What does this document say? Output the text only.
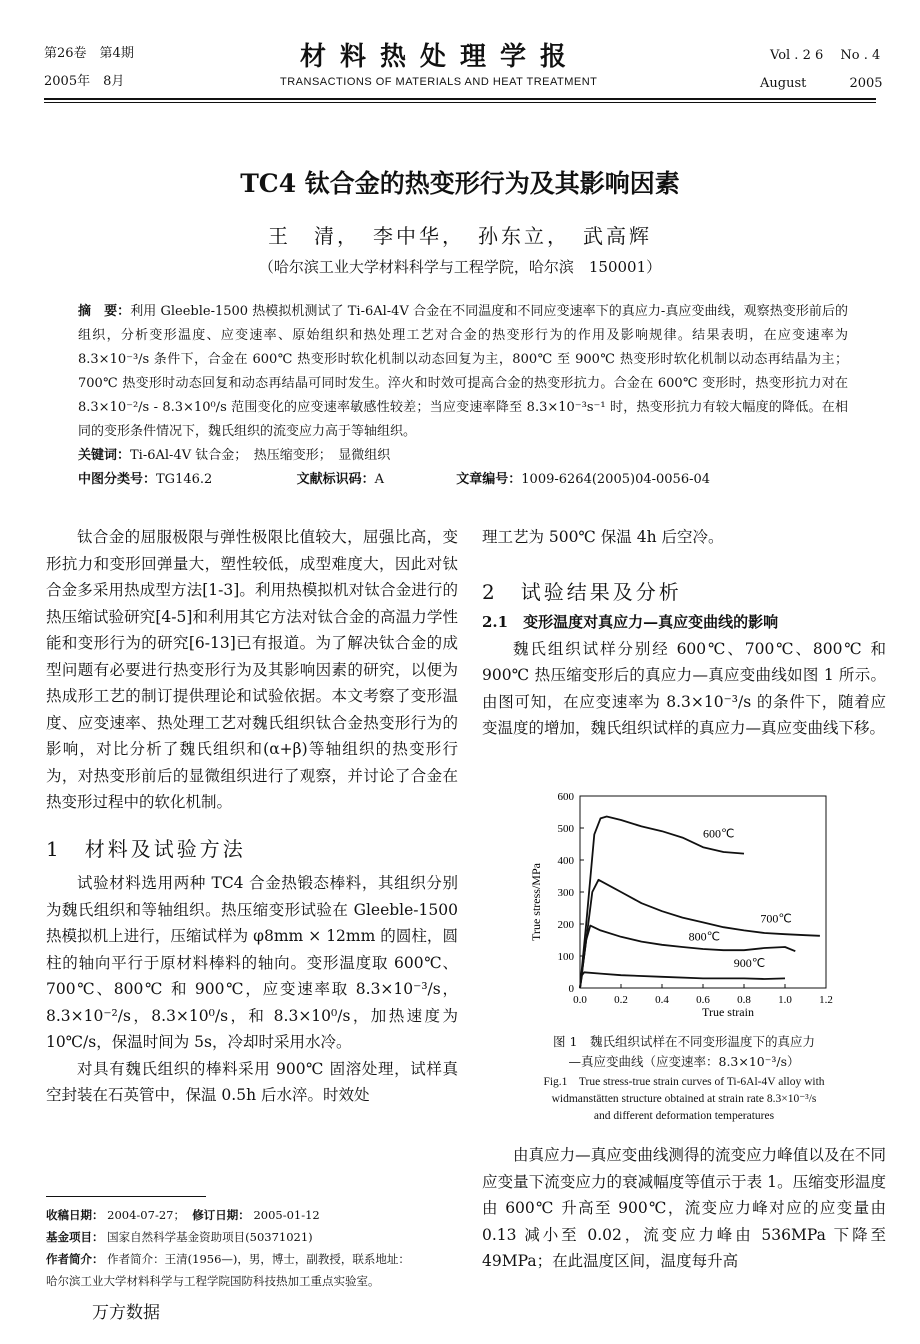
第26卷　第4期
2005年　8月
材料热处理学报
TRANSACTIONS OF MATERIALS AND HEAT TREATMENT
Vol . 2 6　 No . 4
August　　　 2005
TC4 钛合金的热变形行为及其影响因素
王　清，　李中华，　孙东立，　武高辉
（哈尔滨工业大学材料科学与工程学院，哈尔滨　150001）
摘　要：利用 Gleeble-1500 热模拟机测试了 Ti-6Al-4V 合金在不同温度和不同应变速率下的真应力-真应变曲线，观察热变形前后的组织，分析变形温度、应变速率、原始组织和热处理工艺对合金的热变形行为的作用及影响规律。结果表明，在应变速率为 8.3×10⁻³/s 条件下，合金在 600℃ 热变形时软化机制以动态回复为主，800℃ 至 900℃ 热变形时软化机制以动态再结晶为主；700℃ 热变形时动态回复和动态再结晶可同时发生。淬火和时效可提高合金的热变形抗力。合金在 600℃ 变形时，热变形抗力对在 8.3×10⁻²/s - 8.3×10⁰/s 范围变化的应变速率敏感性较差；当应变速率降至 8.3×10⁻³s⁻¹ 时，热变形抗力有较大幅度的降低。在相同的变形条件情况下，魏氏组织的流变应力高于等轴组织。
关键词：Ti-6Al-4V 钛合金；　热压缩变形；　显微组织
中图分类号：TG146.2	文献标识码：A	文章编号：1009-6264(2005)04-0056-04

钛合金的屈服极限与弹性极限比值较大，屈强比高，变形抗力和变形回弹量大，塑性较低，成型难度大，因此对钛合金多采用热成型方法[1-3]。利用热模拟机对钛合金进行的热压缩试验研究[4-5]和利用其它方法对钛合金的高温力学性能和变形行为的研究[6-13]已有报道。为了解决钛合金的成型问题有必要进行热变形行为及其影响因素的研究，以便为热成形工艺的制订提供理论和试验依据。本文考察了变形温度、应变速率、热处理工艺对魏氏组织钛合金热变形行为的影响，对比分析了魏氏组织和(α+β)等轴组织的热变形行为，对热变形前后的显微组织进行了观察，并讨论了合金在热变形过程中的软化机制。

1　材料及试验方法

试验材料选用两种 TC4 合金热锻态棒料，其组织分别为魏氏组织和等轴组织。热压缩变形试验在 Gleeble-1500 热模拟机上进行，压缩试样为 φ8mm × 12mm 的圆柱，圆柱的轴向平行于原材料棒料的轴向。变形温度取 600℃、700℃、800℃ 和 900℃，应变速率取 8.3×10⁻³/s，8.3×10⁻²/s，8.3×10⁰/s，和 8.3×10⁰/s，加热速度为 10℃/s，保温时间为 5s，冷却时采用水冷。

对具有魏氏组织的棒料采用 900℃ 固溶处理，试样真空封装在石英管中，保温 0.5h 后水淬。时效处

理工艺为 500℃ 保温 4h 后空冷。
2　试验结果及分析
2.1　变形温度对真应力—真应变曲线的影响

魏氏组织试样分别经 600℃、700℃、800℃ 和 900℃ 热压缩变形后的真应力—真应变曲线如图 1 所示。由图可知，在应变速率为 8.3×10⁻³/s 的条件下，随着应变温度的增加，魏氏组织试样的真应力—真应变曲线下移。

0.0 0.2 0.4 0.6 0.8 1.0 1.2
0
100
200
300
400
500
600
600℃
700℃
800℃
900℃
True strain
True stress/MPa
图 1　魏氏组织试样在不同变形温度下的真应力
—真应变曲线（应变速率：8.3×10⁻³/s）
Fig.1　True stress-true strain curves of Ti-6Al-4V alloy with
widmanstätten structure obtained at strain rate 8.3×10⁻³/s
and different deformation temperatures

由真应力—真应变曲线测得的流变应力峰值以及在不同应变量下流变应力的衰减幅度等值示于表 1。压缩变形温度由 600℃ 升高至 900℃，流变应力峰对应的应变量由 0.13 减小至 0.02，流变应力峰由 536MPa 下降至 49MPa；在此温度区间，温度每升高

收稿日期： 2004-07-27； 修订日期： 2005-01-12
基金项目： 国家自然科学基金资助项目(50371021)
作者简介： 作者简介：王清(1956—)，男，博士，副教授，联系地址：
哈尔滨工业大学材料科学与工程学院国防科技热加工重点实验室。
万方数据
